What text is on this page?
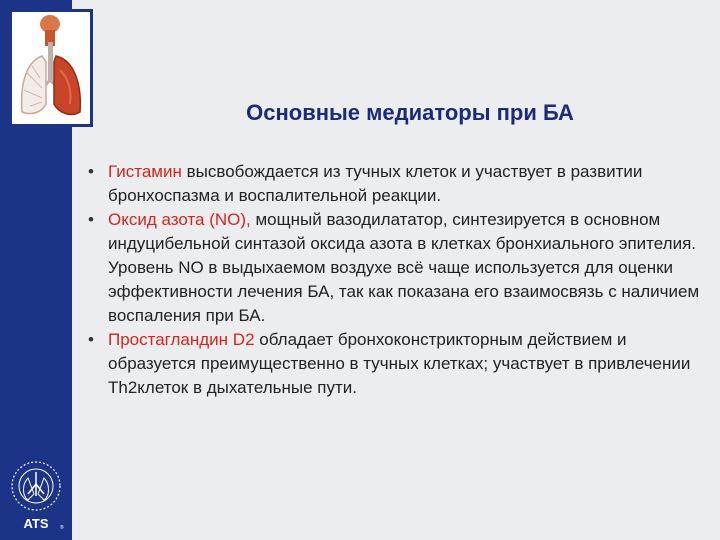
ATS ®
Основные медиаторы при БА
• Гистамин высвобождается из тучных клеток и участвует в развитии бронхоспазма и воспалительной реакции.
• Оксид азота (NO), мощный вазодилататор, синтезируется в основном индуцибельной синтазой оксида азота в клетках бронхиального эпителия. Уровень NO в выдыхаемом воздухе всё чаще используется для оценки эффективности лечения БА, так как показана его взаимосвязь с наличием воспаления при БА.
• Простагландин D2 обладает бронхоконстрикторным действием и образуется преимущественно в тучных клетках; участвует в привлечении Th2клеток в дыхательные пути.
